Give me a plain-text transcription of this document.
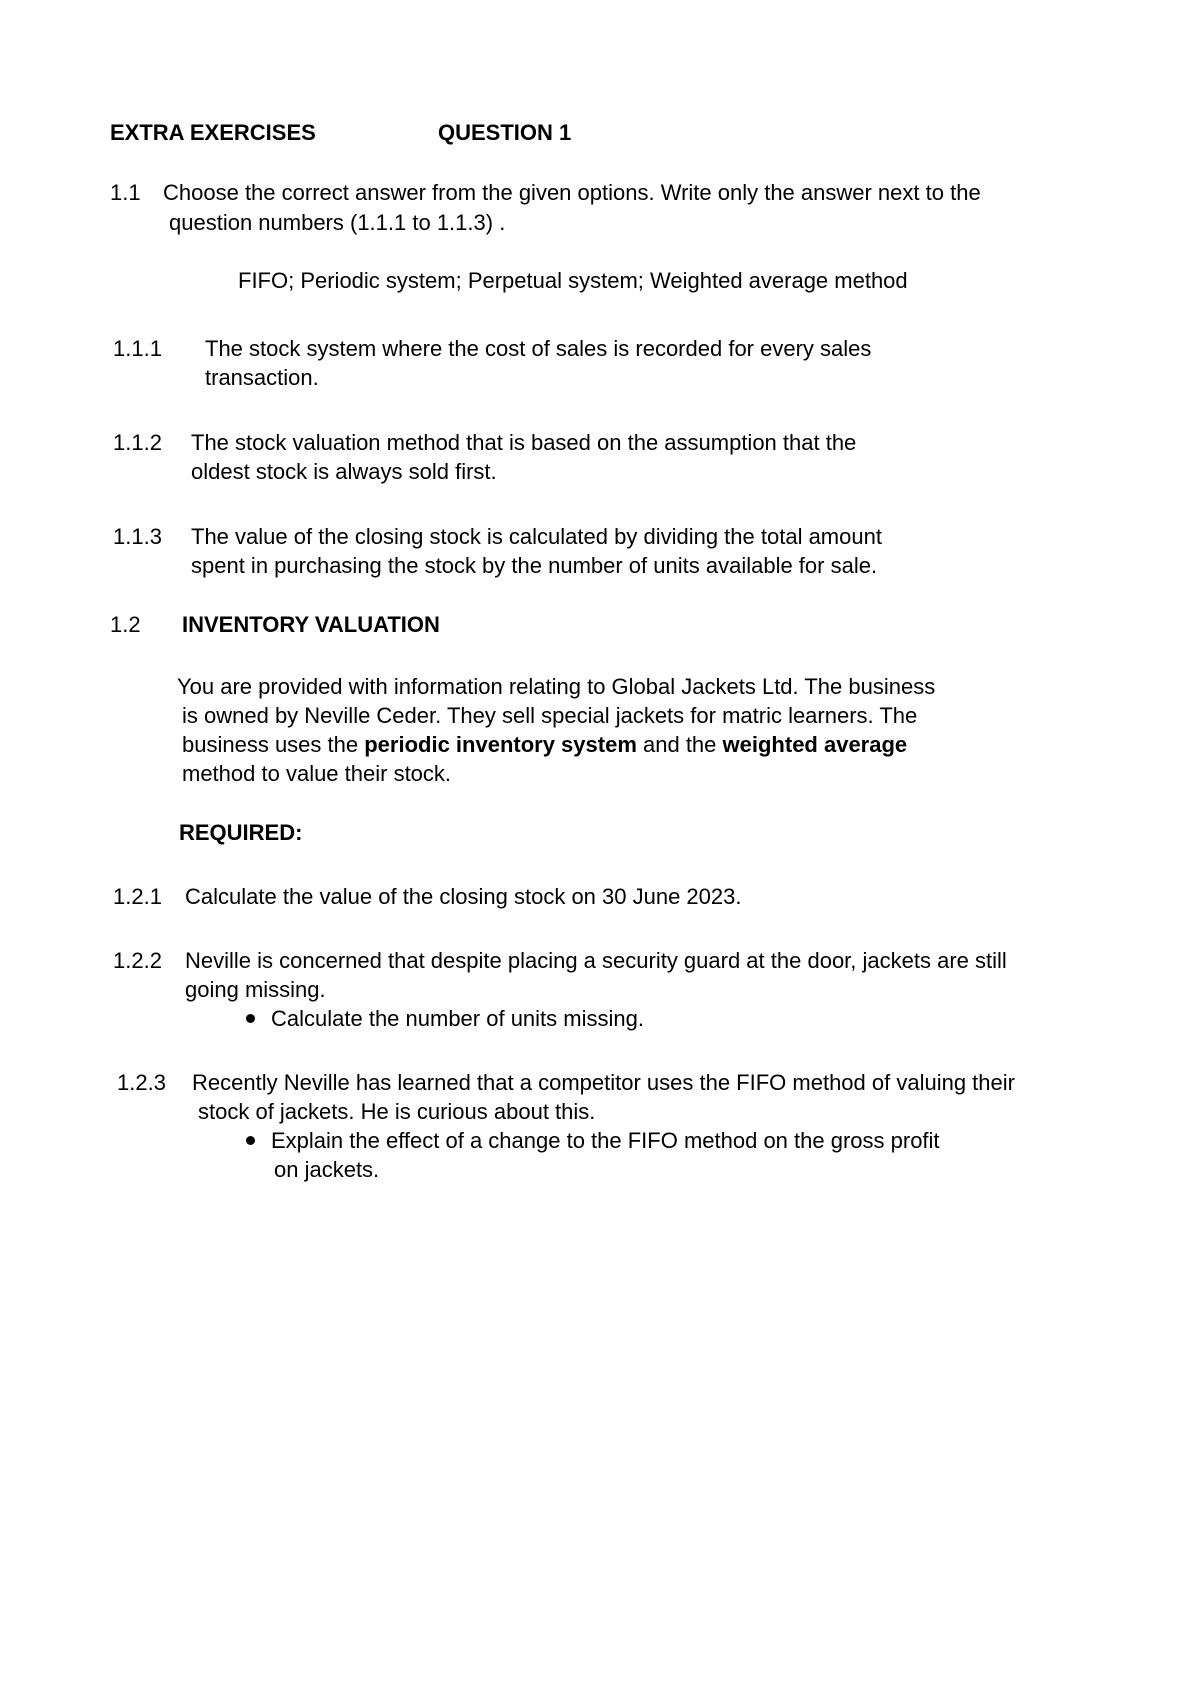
EXTRA EXERCISES	QUESTION 1
1.1 Choose the correct answer from the given options. Write only the answer next to the
question numbers (1.1.1 to 1.1.3) .
FIFO; Periodic system; Perpetual system; Weighted average method
1.1.1 The stock system where the cost of sales is recorded for every sales
transaction.
1.1.2 The stock valuation method that is based on the assumption that the
oldest stock is always sold first.
1.1.3 The value of the closing stock is calculated by dividing the total amount
spent in purchasing the stock by the number of units available for sale.
1.2 INVENTORY VALUATION
You are provided with information relating to Global Jackets Ltd. The business
is owned by Neville Ceder. They sell special jackets for matric learners. The
business uses the periodic inventory system and the weighted average
method to value their stock.
REQUIRED:
1.2.1 Calculate the value of the closing stock on 30 June 2023.
1.2.2 Neville is concerned that despite placing a security guard at the door, jackets are still
going missing.
Calculate the number of units missing.
1.2.3 Recently Neville has learned that a competitor uses the FIFO method of valuing their
stock of jackets. He is curious about this.
Explain the effect of a change to the FIFO method on the gross profit
on jackets.
